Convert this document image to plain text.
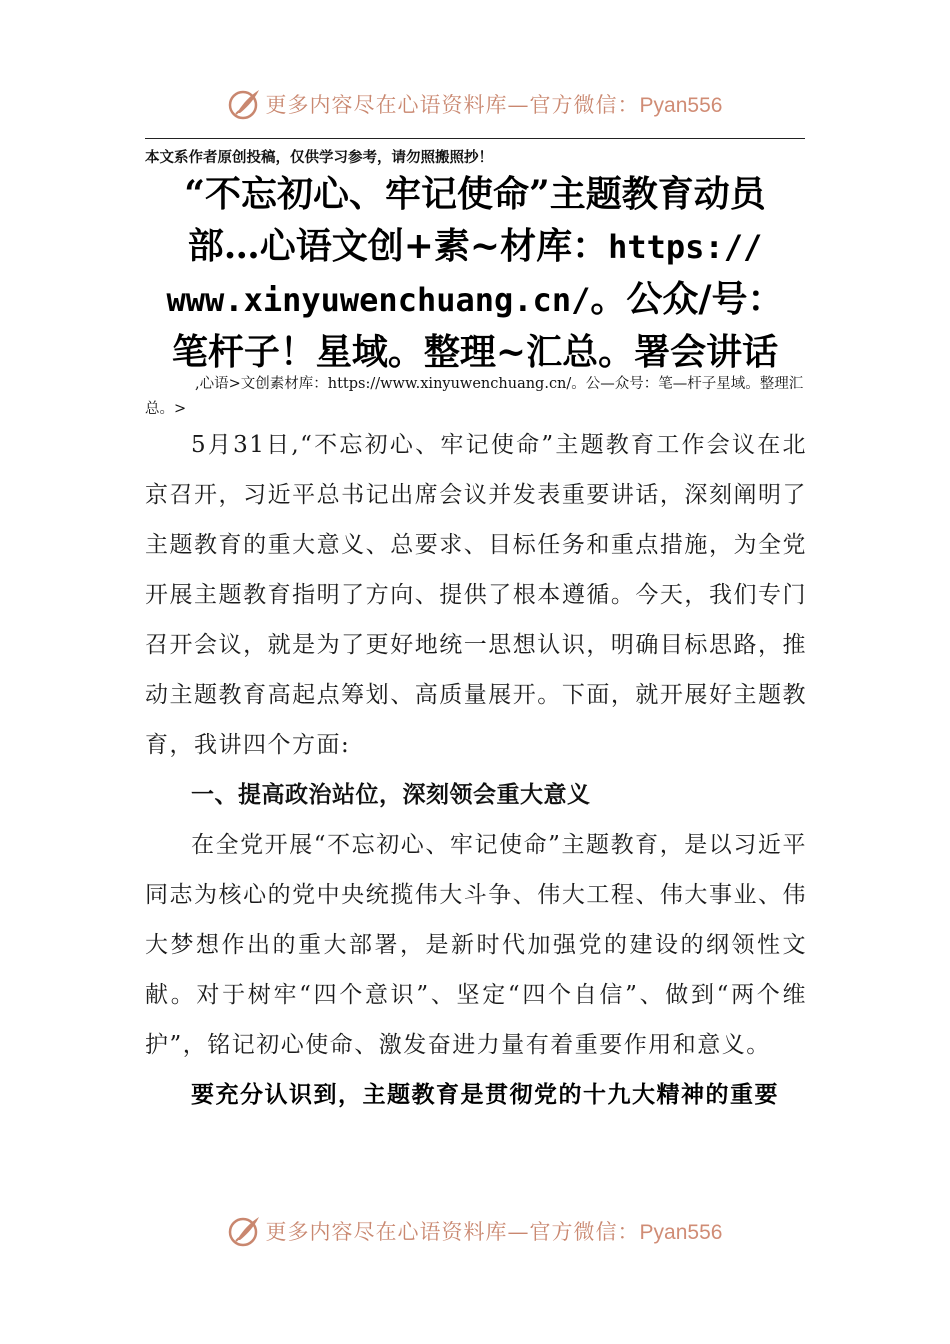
更多内容尽在心语资料库—官方微信：Pyan556
本文系作者原创投稿，仅供学习参考，请勿照搬照抄！
“不忘初心、牢记使命”主题教育动员
部…心语文创+素~材库：https://
www.xinyuwenchuang.cn/。公众/号：
笔杆子！星域。整理~汇总。署会讲话
,心语>文创素材库：https://www.xinyuwenchuang.cn/。公—众号：笔—杆子星域。整理汇总。>

5月31日,“不忘初心、牢记使命”主题教育工作会议在北京召开，习近平总书记出席会议并发表重要讲话，深刻阐明了主题教育的重大意义、总要求、目标任务和重点措施，为全党开展主题教育指明了方向、提供了根本遵循。今天，我们专门召开会议，就是为了更好地统一思想认识，明确目标思路，推动主题教育高起点筹划、高质量展开。下面，就开展好主题教育，我讲四个方面:

一、提高政治站位，深刻领会重大意义

在全党开展“不忘初心、牢记使命”主题教育，是以习近平同志为核心的党中央统揽伟大斗争、伟大工程、伟大事业、伟大梦想作出的重大部署，是新时代加强党的建设的纲领性文献。对于树牢“四个意识”、坚定“四个自信”、做到“两个维护”，铭记初心使命、激发奋进力量有着重要作用和意义。

要充分认识到，主题教育是贯彻党的十九大精神的重要

更多内容尽在心语资料库—官方微信：Pyan556
